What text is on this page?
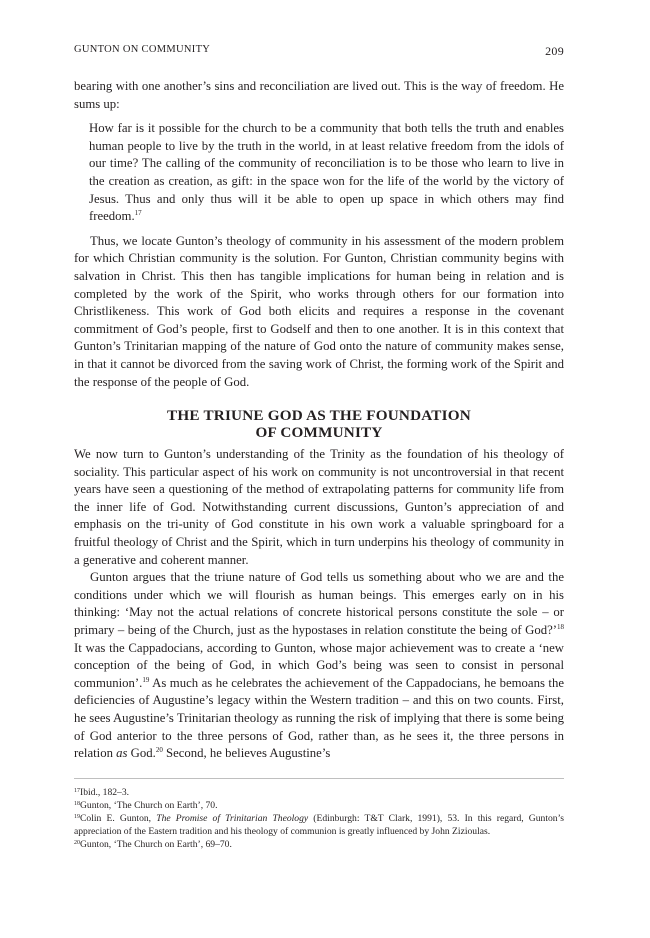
GUNTON ON COMMUNITY	209

bearing with one another’s sins and reconciliation are lived out. This is the way of freedom. He sums up:

How far is it possible for the church to be a community that both tells the truth and enables human people to live by the truth in the world, in at least relative freedom from the idols of our time? The calling of the community of reconciliation is to be those who learn to live in the creation as creation, as gift: in the space won for the life of the world by the victory of Jesus. Thus and only thus will it be able to open up space in which others may find freedom.$^{17}$

Thus, we locate Gunton’s theology of community in his assessment of the modern problem for which Christian community is the solution. For Gunton, Christian community begins with salvation in Christ. This then has tangible implications for human being in relation and is completed by the work of the Spirit, who works through others for our formation into Christlikeness. This work of God both elicits and requires a response in the covenant commitment of God’s people, first to Godself and then to one another. It is in this context that Gunton’s Trinitarian mapping of the nature of God onto the nature of community makes sense, in that it cannot be divorced from the saving work of Christ, the forming work of the Spirit and the response of the people of God.

THE TRIUNE GOD AS THE FOUNDATION
OF COMMUNITY

We now turn to Gunton’s understanding of the Trinity as the foundation of his theology of sociality. This particular aspect of his work on community is not uncontroversial in that recent years have seen a questioning of the method of extrapolating patterns for community life from the inner life of God. Notwithstanding current discussions, Gunton’s appreciation of and emphasis on the tri-unity of God constitute in his own work a valuable springboard for a fruitful theology of Christ and the Spirit, which in turn underpins his theology of community in a generative and coherent manner.

Gunton argues that the triune nature of God tells us something about who we are and the conditions under which we will flourish as human beings. This emerges early on in his thinking: ‘May not the actual relations of concrete historical persons constitute the sole – or primary – being of the Church, just as the hypostases in relation constitute the being of God?’$^{18}$ It was the Cappadocians, according to Gunton, whose major achievement was to create a ‘new conception of the being of God, in which God’s being was seen to consist in personal communion’.$^{19}$ As much as he celebrates the achievement of the Cappadocians, he bemoans the deficiencies of Augustine’s legacy within the Western tradition – and this on two counts. First, he sees Augustine’s Trinitarian theology as running the risk of implying that there is some being of God anterior to the three persons of God, rather than, as he sees it, the three persons in relation as God.$^{20}$ Second, he believes Augustine’s

$^{17}$Ibid., 182–3.

$^{18}$Gunton, ‘The Church on Earth’, 70.

$^{19}$Colin E. Gunton, The Promise of Trinitarian Theology (Edinburgh: T&T Clark, 1991), 53. In this regard, Gunton’s appreciation of the Eastern tradition and his theology of communion is greatly influenced by John Zizioulas.

$^{20}$Gunton, ‘The Church on Earth’, 69–70.
